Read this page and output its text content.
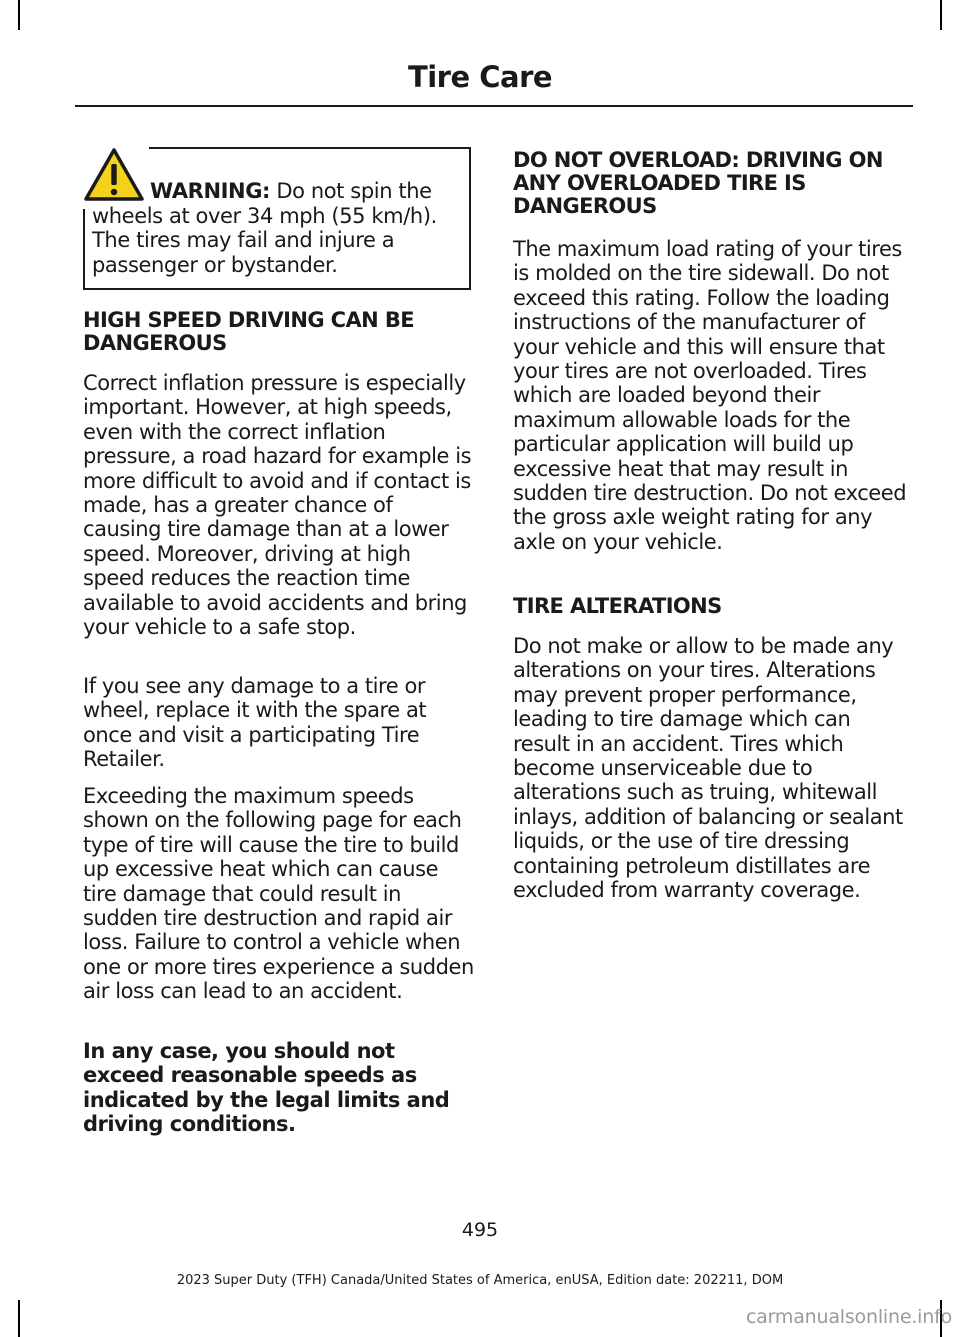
Tire Care

WARNING: Do not spin the wheels at over 34 mph (55 km/h). The tires may fail and injure a passenger or bystander.

HIGH SPEED DRIVING CAN BE DANGEROUS

Correct inflation pressure is especially important. However, at high speeds, even with the correct inflation pressure, a road hazard for example is more difficult to avoid and if contact is made, has a greater chance of causing tire damage than at a lower speed. Moreover, driving at high speed reduces the reaction time available to avoid accidents and bring your vehicle to a safe stop.

If you see any damage to a tire or wheel, replace it with the spare at once and visit a participating Tire Retailer.

Exceeding the maximum speeds shown on the following page for each type of tire will cause the tire to build up excessive heat which can cause tire damage that could result in sudden tire destruction and rapid air loss. Failure to control a vehicle when one or more tires experience a sudden air loss can lead to an accident.

In any case, you should not exceed reasonable speeds as indicated by the legal limits and driving conditions.

DO NOT OVERLOAD: DRIVING ON ANY OVERLOADED TIRE IS DANGEROUS

The maximum load rating of your tires is molded on the tire sidewall. Do not exceed this rating. Follow the loading instructions of the manufacturer of your vehicle and this will ensure that your tires are not overloaded. Tires which are loaded beyond their maximum allowable loads for the particular application will build up excessive heat that may result in sudden tire destruction. Do not exceed the gross axle weight rating for any axle on your vehicle.

TIRE ALTERATIONS

Do not make or allow to be made any alterations on your tires. Alterations may prevent proper performance, leading to tire damage which can result in an accident. Tires which become unserviceable due to alterations such as truing, whitewall inlays, addition of balancing or sealant liquids, or the use of tire dressing containing petroleum distillates are excluded from warranty coverage.

495
2023 Super Duty (TFH) Canada/United States of America, enUSA, Edition date: 202211, DOM
carmanualsonline.info
